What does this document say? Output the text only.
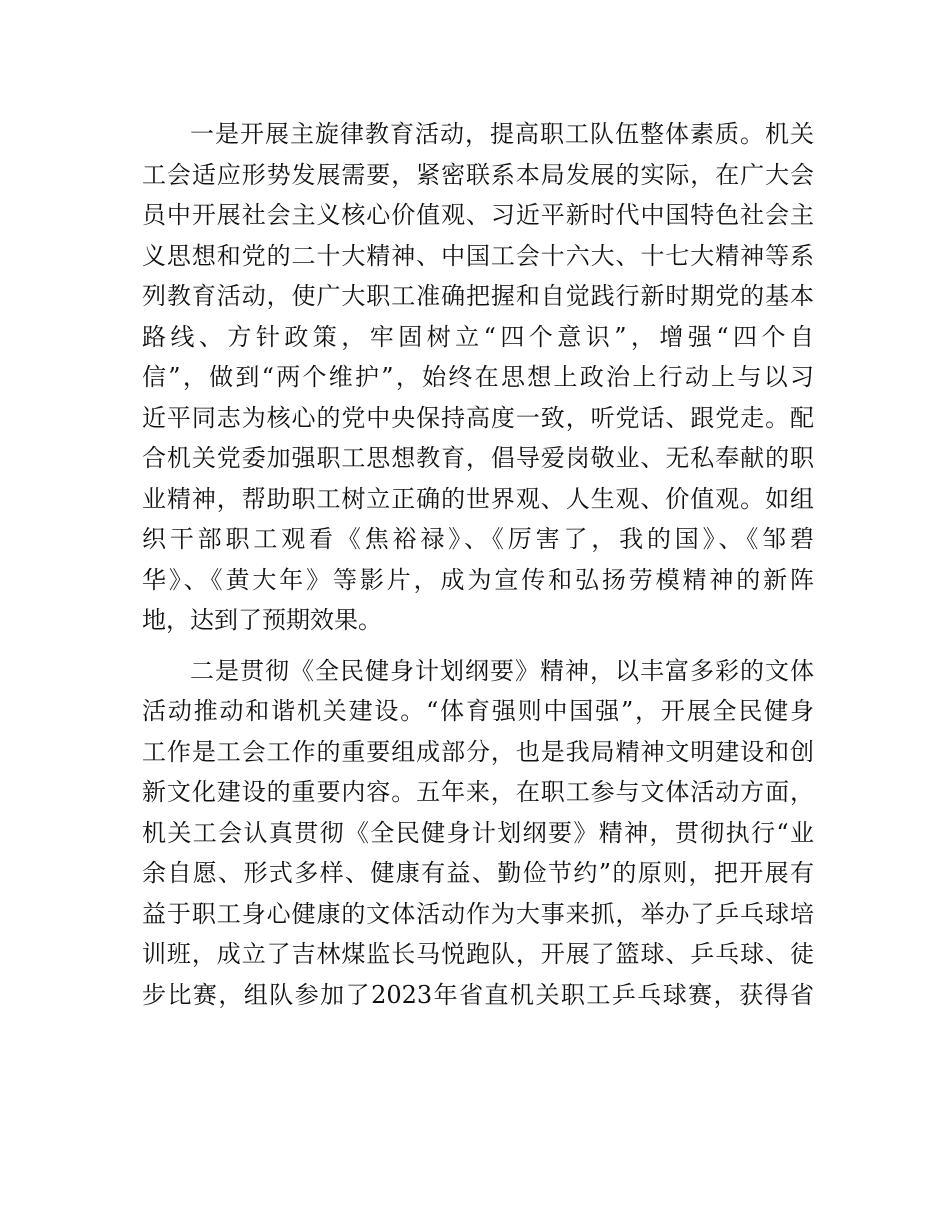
一是开展主旋律教育活动，提高职工队伍整体素质。机关
工会适应形势发展需要，紧密联系本局发展的实际，在广大会
员中开展社会主义核心价值观、习近平新时代中国特色社会主
义思想和党的二十大精神、中国工会十六大、十七大精神等系
列教育活动，使广大职工准确把握和自觉践行新时期党的基本
路线、方针政策，牢固树立“四个意识”，增强“四个自
信”，做到“两个维护”，始终在思想上政治上行动上与以习
近平同志为核心的党中央保持高度一致，听党话、跟党走。配
合机关党委加强职工思想教育，倡导爱岗敬业、无私奉献的职
业精神，帮助职工树立正确的世界观、人生观、价值观。如组
织干部职工观看《焦裕禄》、《厉害了，我的国》、《邹碧
华》、《黄大年》等影片，成为宣传和弘扬劳模精神的新阵
地，达到了预期效果。

二是贯彻《全民健身计划纲要》精神，以丰富多彩的文体
活动推动和谐机关建设。“体育强则中国强”，开展全民健身
工作是工会工作的重要组成部分，也是我局精神文明建设和创
新文化建设的重要内容。五年来，在职工参与文体活动方面，
机关工会认真贯彻《全民健身计划纲要》精神，贯彻执行“业
余自愿、形式多样、健康有益、勤俭节约”的原则，把开展有
益于职工身心健康的文体活动作为大事来抓，举办了乒乓球培
训班，成立了吉林煤监长马悦跑队，开展了篮球、乒乓球、徒
步比赛，组队参加了2023年省直机关职工乒乓球赛，获得省
